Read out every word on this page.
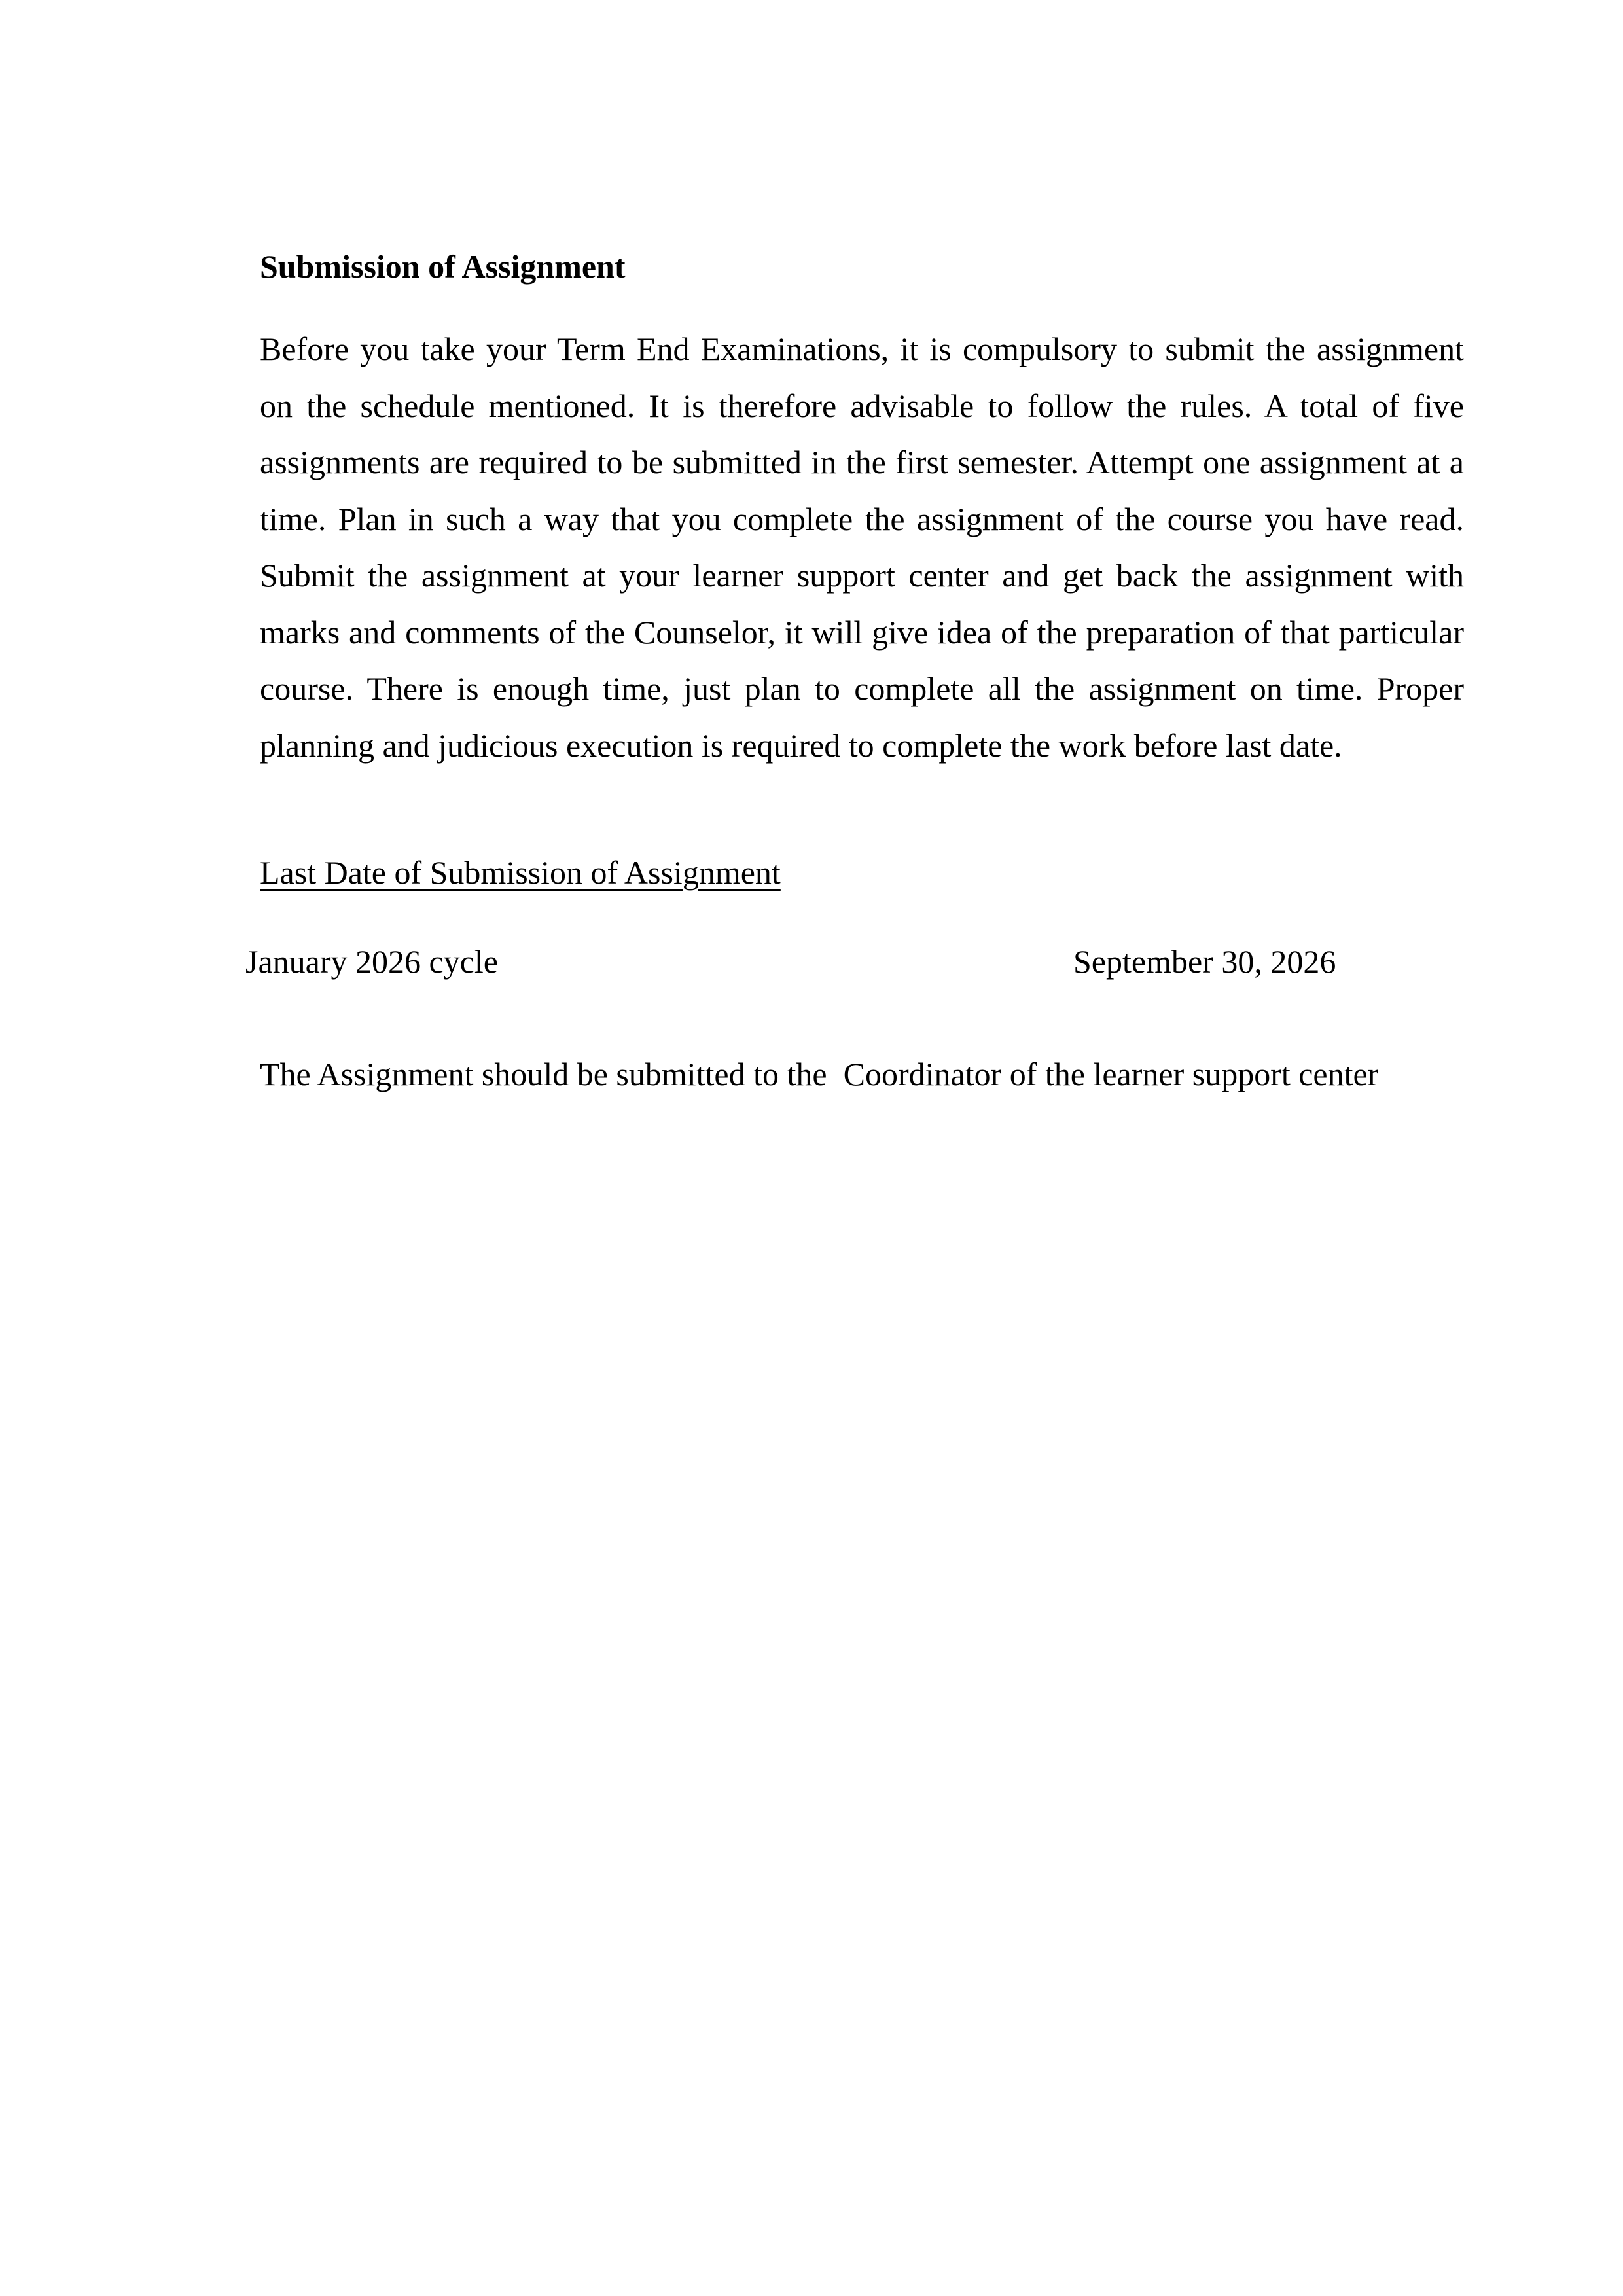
Submission of Assignment
Before you take your Term End Examinations, it is compulsory to submit the assignment
on the schedule mentioned. It is therefore advisable to follow the rules. A total of five
assignments are required to be submitted in the first semester. Attempt one assignment at a
time. Plan in such a way that you complete the assignment of the course you have read.
Submit the assignment at your learner support center and get back the assignment with
marks and comments of the Counselor, it will give idea of the preparation of that particular
course. There is enough time, just plan to complete all the assignment on time. Proper
planning and judicious execution is required to complete the work before last date.
Last Date of Submission of Assignment
January 2026 cycle	September 30, 2026
The Assignment should be submitted to the  Coordinator of the learner support center
